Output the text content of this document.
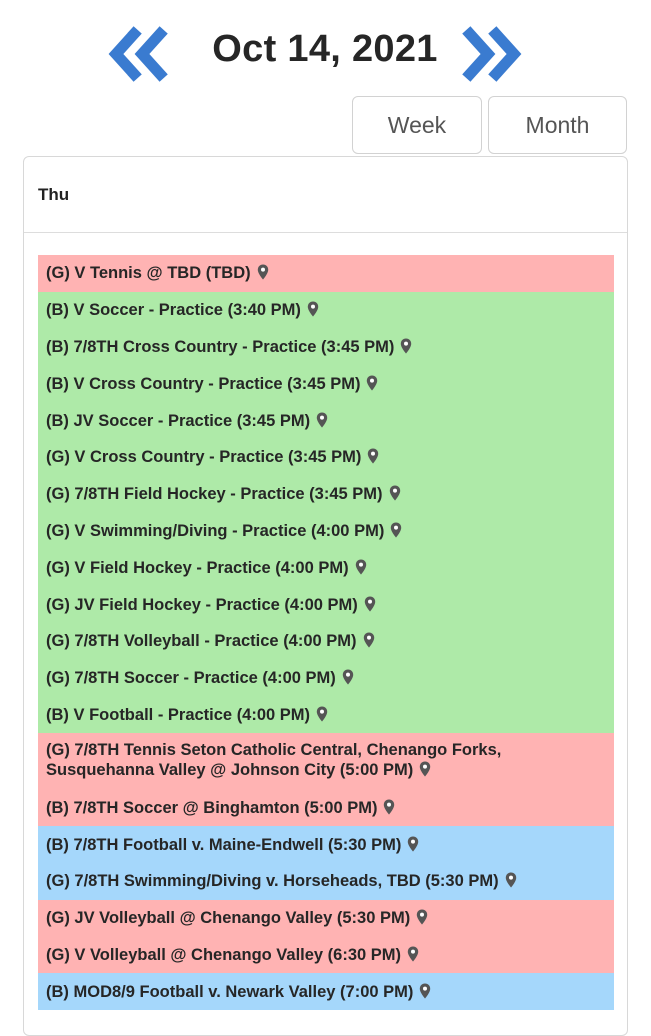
Oct 14, 2021
Week	Month
Thu
(G) V Tennis @ TBD (TBD)
(B) V Soccer - Practice (3:40 PM)
(B) 7/8TH Cross Country - Practice (3:45 PM)
(B) V Cross Country - Practice (3:45 PM)
(B) JV Soccer - Practice (3:45 PM)
(G) V Cross Country - Practice (3:45 PM)
(G) 7/8TH Field Hockey - Practice (3:45 PM)
(G) V Swimming/Diving - Practice (4:00 PM)
(G) V Field Hockey - Practice (4:00 PM)
(G) JV Field Hockey - Practice (4:00 PM)
(G) 7/8TH Volleyball - Practice (4:00 PM)
(G) 7/8TH Soccer - Practice (4:00 PM)
(B) V Football - Practice (4:00 PM)
(G) 7/8TH Tennis Seton Catholic Central, Chenango Forks, Susquehanna Valley @ Johnson City (5:00 PM)
(B) 7/8TH Soccer @ Binghamton (5:00 PM)
(B) 7/8TH Football v. Maine-Endwell (5:30 PM)
(G) 7/8TH Swimming/Diving v. Horseheads, TBD (5:30 PM)
(G) JV Volleyball @ Chenango Valley (5:30 PM)
(G) V Volleyball @ Chenango Valley (6:30 PM)
(B) MOD8/9 Football v. Newark Valley (7:00 PM)
